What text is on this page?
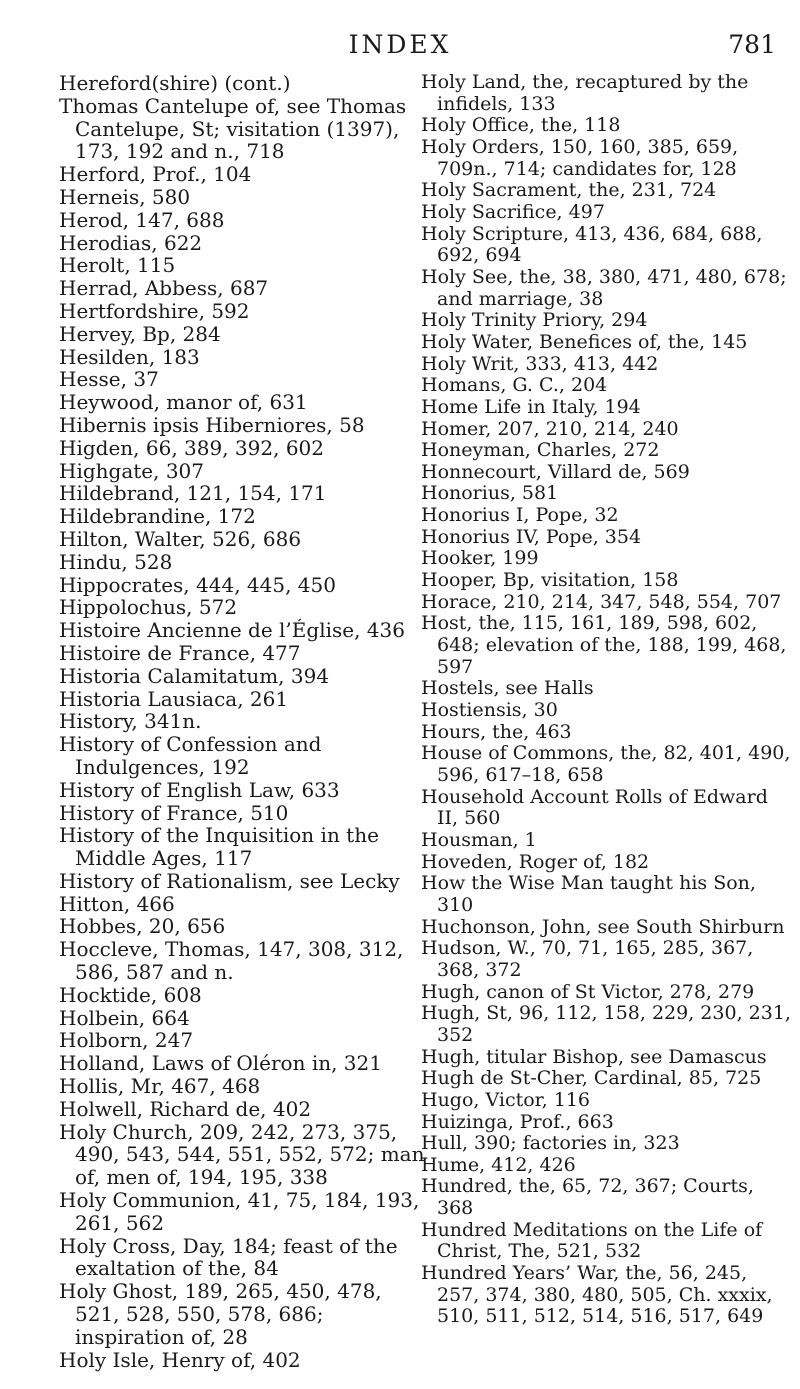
INDEX	781

Hereford(shire) (cont.)

Thomas Cantelupe of, see Thomas Cantelupe, St; visitation (1397), 173, 192 and n., 718

Herford, Prof., 104

Herneis, 580

Herod, 147, 688

Herodias, 622

Herolt, 115

Herrad, Abbess, 687

Hertfordshire, 592

Hervey, Bp, 284

Hesilden, 183

Hesse, 37

Heywood, manor of, 631

Hibernis ipsis Hiberniores, 58

Higden, 66, 389, 392, 602

Highgate, 307

Hildebrand, 121, 154, 171

Hildebrandine, 172

Hilton, Walter, 526, 686

Hindu, 528

Hippocrates, 444, 445, 450

Hippolochus, 572

Histoire Ancienne de l’Église, 436

Histoire de France, 477

Historia Calamitatum, 394

Historia Lausiaca, 261

History, 341n.

History of Confession and Indulgences, 192

History of English Law, 633

History of France, 510

History of the Inquisition in the Middle Ages, 117

History of Rationalism, see Lecky

Hitton, 466

Hobbes, 20, 656

Hoccleve, Thomas, 147, 308, 312, 586, 587 and n.

Hocktide, 608

Holbein, 664

Holborn, 247

Holland, Laws of Oléron in, 321

Hollis, Mr, 467, 468

Holwell, Richard de, 402

Holy Church, 209, 242, 273, 375, 490, 543, 544, 551, 552, 572; man of, men of, 194, 195, 338

Holy Communion, 41, 75, 184, 193, 261, 562

Holy Cross, Day, 184; feast of the exaltation of the, 84

Holy Ghost, 189, 265, 450, 478, 521, 528, 550, 578, 686; inspiration of, 28

Holy Isle, Henry of, 402

Holy Land, the, recaptured by the infidels, 133

Holy Office, the, 118

Holy Orders, 150, 160, 385, 659, 709n., 714; candidates for, 128

Holy Sacrament, the, 231, 724

Holy Sacrifice, 497

Holy Scripture, 413, 436, 684, 688, 692, 694

Holy See, the, 38, 380, 471, 480, 678; and marriage, 38

Holy Trinity Priory, 294

Holy Water, Benefices of, the, 145

Holy Writ, 333, 413, 442

Homans, G. C., 204

Home Life in Italy, 194

Homer, 207, 210, 214, 240

Honeyman, Charles, 272

Honnecourt, Villard de, 569

Honorius, 581

Honorius I, Pope, 32

Honorius IV, Pope, 354

Hooker, 199

Hooper, Bp, visitation, 158

Horace, 210, 214, 347, 548, 554, 707

Host, the, 115, 161, 189, 598, 602, 648; elevation of the, 188, 199, 468, 597

Hostels, see Halls

Hostiensis, 30

Hours, the, 463

House of Commons, the, 82, 401, 490, 596, 617–18, 658

Household Account Rolls of Edward II, 560

Housman, 1

Hoveden, Roger of, 182

How the Wise Man taught his Son, 310

Huchonson, John, see South Shirburn

Hudson, W., 70, 71, 165, 285, 367, 368, 372

Hugh, canon of St Victor, 278, 279

Hugh, St, 96, 112, 158, 229, 230, 231, 352

Hugh, titular Bishop, see Damascus

Hugh de St-Cher, Cardinal, 85, 725

Hugo, Victor, 116

Huizinga, Prof., 663

Hull, 390; factories in, 323

Hume, 412, 426

Hundred, the, 65, 72, 367; Courts, 368

Hundred Meditations on the Life of Christ, The, 521, 532

Hundred Years’ War, the, 56, 245, 257, 374, 380, 480, 505, Ch. xxxix, 510, 511, 512, 514, 516, 517, 649
